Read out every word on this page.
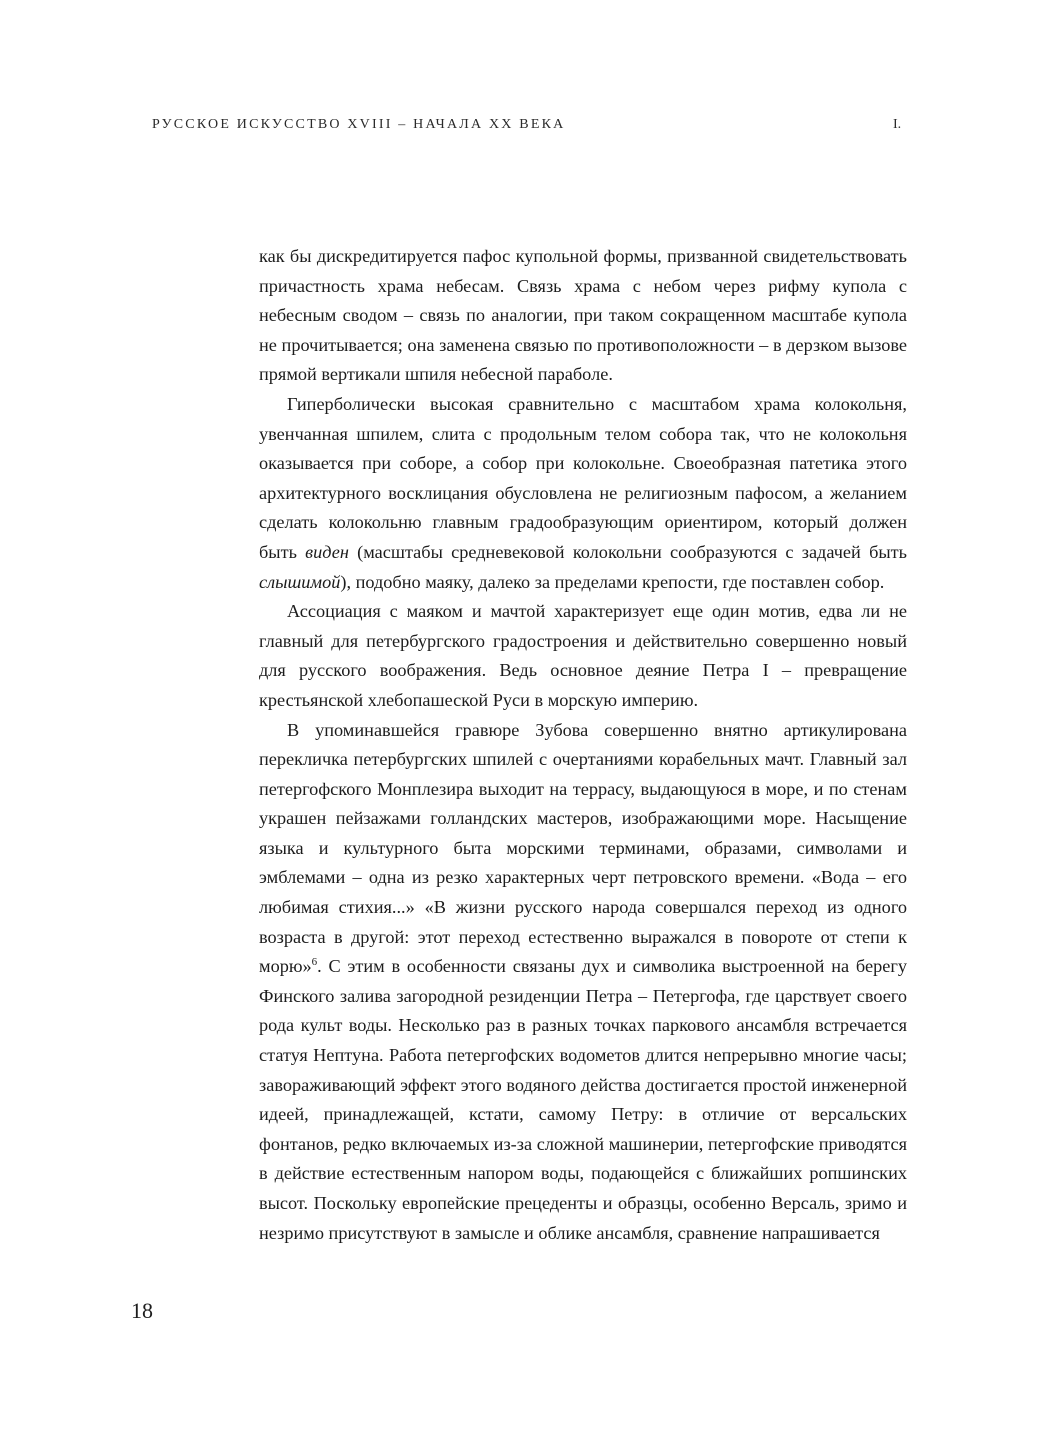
РУССКОЕ ИСКУССТВО XVIII – НАЧАЛА XX ВЕКА	I.

как бы дискредитируется пафос купольной формы, призванной свидетельствовать причастность храма небесам. Связь храма с небом через рифму купола с небесным сводом – связь по аналогии, при таком сокращенном масштабе купола не прочитывается; она заменена связью по противоположности – в дерзком вызове прямой вертикали шпиля небесной параболе.

Гиперболически высокая сравнительно с масштабом храма колокольня, увенчанная шпилем, слита с продольным телом собора так, что не колокольня оказывается при соборе, а собор при колокольне. Своеобразная патетика этого архитектурного восклицания обусловлена не религиозным пафосом, а желанием сделать колокольню главным градообразующим ориентиром, который должен быть виден (масштабы средневековой колокольни сообразуются с задачей быть слышимой), подобно маяку, далеко за пределами крепости, где поставлен собор.

Ассоциация с маяком и мачтой характеризует еще один мотив, едва ли не главный для петербургского градостроения и действительно совершенно новый для русского воображения. Ведь основное деяние Петра I – превращение крестьянской хлебопашеской Руси в морскую империю.

В упоминавшейся гравюре Зубова совершенно внятно артикулирована перекличка петербургских шпилей с очертаниями корабельных мачт. Главный зал петергофского Монплезира выходит на террасу, выдающуюся в море, и по стенам украшен пейзажами голландских мастеров, изображающими море. Насыщение языка и культурного быта морскими терминами, образами, символами и эмблемами – одна из резко характерных черт петровского времени. «Вода – его любимая стихия...» «В жизни русского народа совершался переход из одного возраста в другой: этот переход естественно выражался в повороте от степи к морю»$^6$. С этим в особенности связаны дух и символика выстроенной на берегу Финского залива загородной резиденции Петра – Петергофа, где царствует своего рода культ воды. Несколько раз в разных точках паркового ансамбля встречается статуя Нептуна. Работа петергофских водометов длится непрерывно многие часы; завораживающий эффект этого водяного действа достигается простой инженерной идеей, принадлежащей, кстати, самому Петру: в отличие от версальских фонтанов, редко включаемых из-за сложной машинерии, петергофские приводятся в действие естественным напором воды, подающейся с ближайших ропшинских высот. Поскольку европейские прецеденты и образцы, особенно Версаль, зримо и незримо присутствуют в замысле и облике ансамбля, сравнение напрашивается

18
